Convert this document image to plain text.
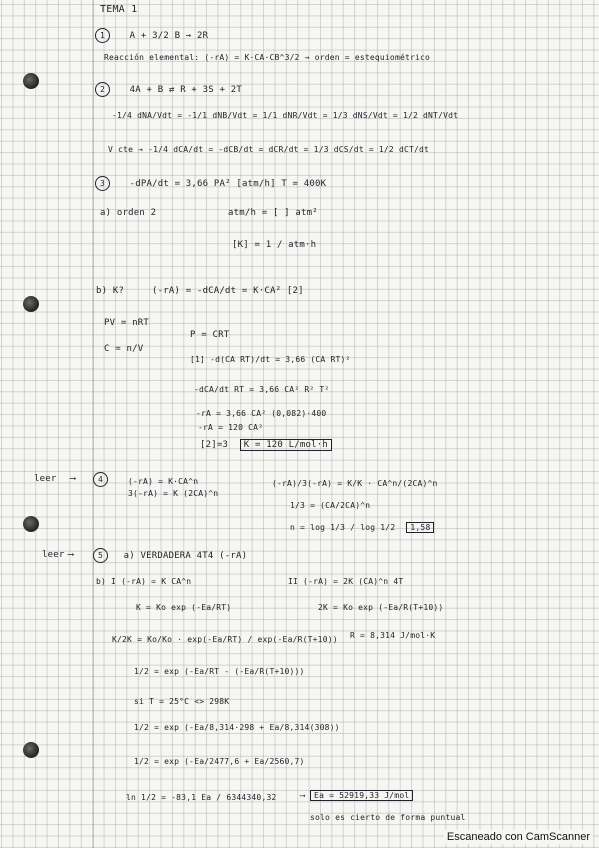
TEMA 1
1	A + 3/2 B → 2R
Reacción elemental: (-rA) = K·CA·CB^3/2 → orden = estequiométrico
2	4A + B ⇄ R + 3S + 2T
-1/4 dNA/Vdt = -1/1 dNB/Vdt = 1/1 dNR/Vdt = 1/3 dNS/Vdt = 1/2 dNT/Vdt
V cte → -1/4 dCA/dt = -dCB/dt = dCR/dt = 1/3 dCS/dt = 1/2 dCT/dt
3	-dPA/dt = 3,66 PA² [atm/h] T = 400K
a) orden 2	atm/h = [ ] atm²
[K] = 1 / atm·h
b) K?	(-rA) = -dCA/dt = K·CA² [2]
PV = nRT
P = CRT
C = n/V
[1] -d(CA RT)/dt = 3,66 (CA RT)²
-dCA/dt RT = 3,66 CA² R² T²
-rA = 3,66 CA² (0,082)·400
-rA = 120 CA²
[2]=3 K = 120 L/mol·h
leer ⟶	4	(-rA) = K·CA^n
3(-rA) = K (2CA)^n
(-rA)/3(-rA) = K/K · CA^n/(2CA)^n
1/3 = (CA/2CA)^n
n = log 1/3 / log 1/2 1,58
leer ⟶	5 a) VERDADERA 4T4 (-rA)
b) I (-rA) = K CA^n	II (-rA) = 2K (CA)^n 4T
K = Ko exp (-Ea/RT)	2K = Ko exp (-Ea/R(T+10))
K/2K = Ko/Ko · exp(-Ea/RT) / exp(-Ea/R(T+10)) R = 8,314 J/mol·K
1/2 = exp (-Ea/RT - (-Ea/R(T+10)))
si T = 25°C <> 298K
1/2 = exp (-Ea/8,314·298 + Ea/8,314(308))
1/2 = exp (-Ea/2477,6 + Ea/2560,7)
ln 1/2 = -83,1 Ea / 6344340,32	⟶ Ea = 52919,33 J/mol
solo es cierto de forma puntual
Escaneado con CamScanner
